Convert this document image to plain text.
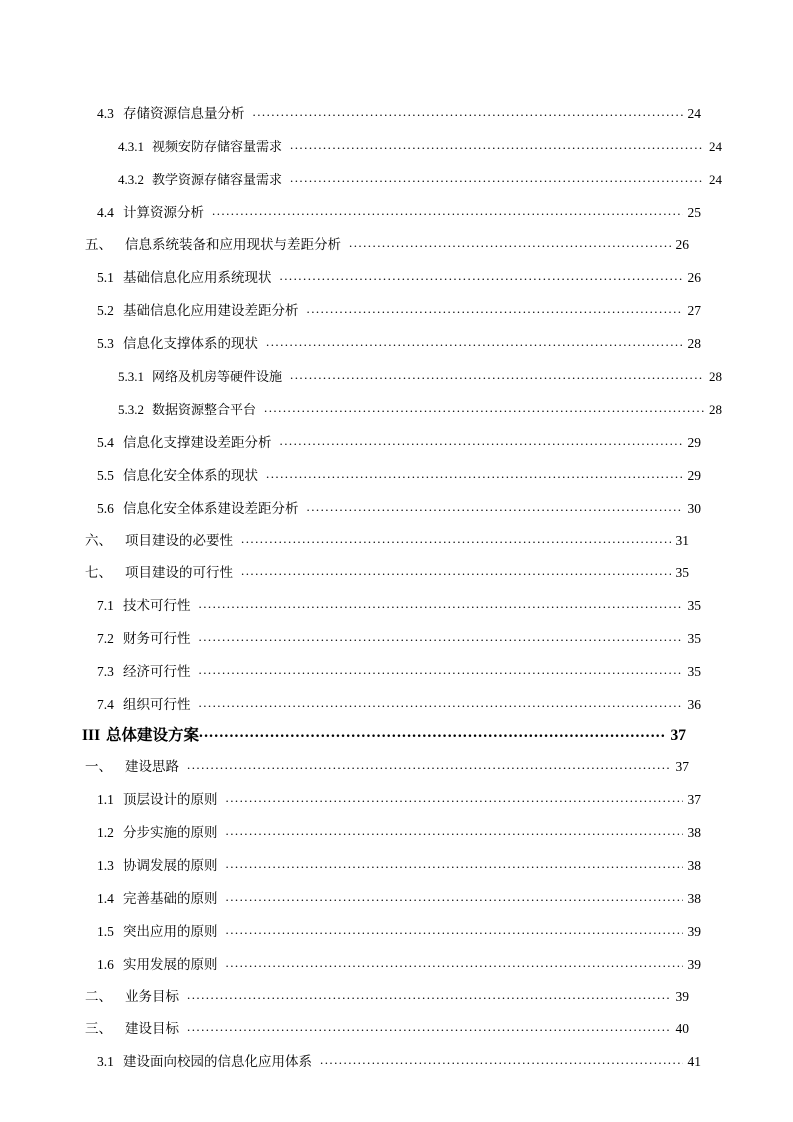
4.3 存储资源信息量分析 .....	24
4.3.1 视频安防存储容量需求 .....	24
4.3.2 教学资源存储容量需求 .....	24
4.4 计算资源分析 .....	25
五、 信息系统装备和应用现状与差距分析 .....	26
5.1 基础信息化应用系统现状 .....	26
5.2 基础信息化应用建设差距分析 .....	27
5.3 信息化支撑体系的现状 .....	28
5.3.1 网络及机房等硬件设施 .....	28
5.3.2 数据资源整合平台 .....	28
5.4 信息化支撑建设差距分析 .....	29
5.5 信息化安全体系的现状 .....	29
5.6 信息化安全体系建设差距分析 .....	30
六、 项目建设的必要性 .....	31
七、 项目建设的可行性 .....	35
7.1 技术可行性 .....	35
7.2 财务可行性 .....	35
7.3 经济可行性 .....	35
7.4 组织可行性 .....	36
III 总体建设方案 .....	37
一、 建设思路 .....	37
1.1 顶层设计的原则 .....	37
1.2 分步实施的原则 .....	38
1.3 协调发展的原则 .....	38
1.4 完善基础的原则 .....	38
1.5 突出应用的原则 .....	39
1.6 实用发展的原则 .....	39
二、 业务目标 .....	39
三、 建设目标 .....	40
3.1 建设面向校园的信息化应用体系 .....	41
